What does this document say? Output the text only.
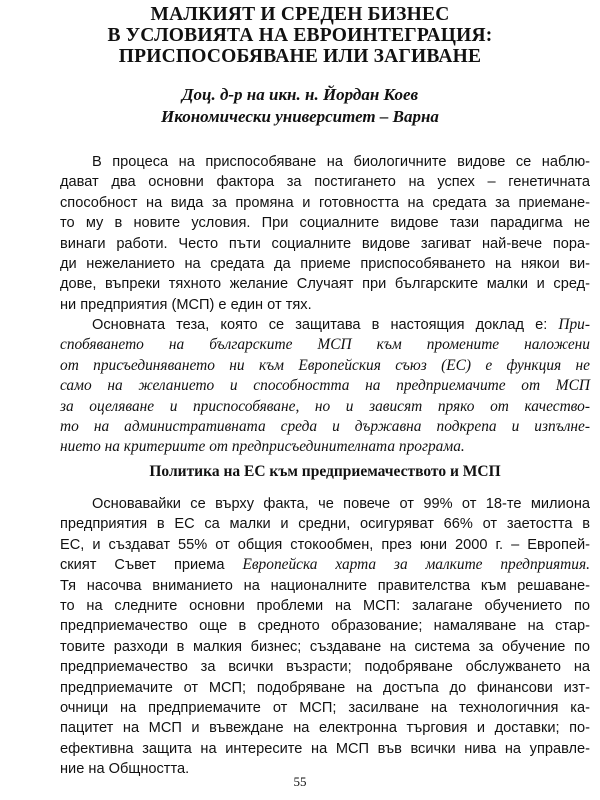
МАЛКИЯТ И СРЕДЕН БИЗНЕС
В УСЛОВИЯТА НА ЕВРОИНТЕГРАЦИЯ:
ПРИСПОСОБЯВАНЕ ИЛИ ЗАГИВАНЕ
Доц. д-р на икн. н. Йордан Коев
Икономически университет – Варна
В процеса на приспособяване на биологичните видове се наблю-
дават два основни фактора за постигането на успех – генетичната
способност на вида за промяна и готовността на средата за приемане-
то му в новите условия. При социалните видове тази парадигма не
винаги работи. Често пъти социалните видове загиват най-вече пора-
ди нежеланието на средата да приеме приспособяването на някои ви-
дове, въпреки тяхното желание Случаят при българските малки и сред-
ни предприятия (МСП) е един от тях.
Основната теза, която се защитава в настоящия доклад е: При-
спобяването на българските МСП към промените наложени
от присъединяването ни към Европейския съюз (ЕС) е функция не
само на желанието и способността на предприемачите от МСП
за оцеляване и приспособяване, но и зависят пряко от качество-
то на административната среда и държавна подкрепа и изпълне-
нието на критериите от предприсъединителната програма.
Политика на ЕС към предприемачеството и МСП
Основавайки се върху факта, че повече от 99% от 18-те милиона
предприятия в ЕС са малки и средни, осигуряват 66% от заетостта в
ЕС, и създават 55% от общия стокообмен, през юни 2000 г. – Европей-
ският Съвет приема Европейска харта за малките предприятия.
Тя насочва вниманието на националните правителства към решаване-
то на следните основни проблеми на МСП: залагане обучението по
предприемачество още в средното образование; намаляване на стар-
товите разходи в малкия бизнес; създаване на система за обучение по
предприемачество за всички възрасти; подобряване обслужването на
предприемачите от МСП; подобряване на достъпа до финансови изт-
очници на предприемачите от МСП; засилване на технологичния ка-
пацитет на МСП и въвеждане на електронна търговия и доставки; по-
ефективна защита на интересите на МСП във всички нива на управле-
ние на Общността.
55
